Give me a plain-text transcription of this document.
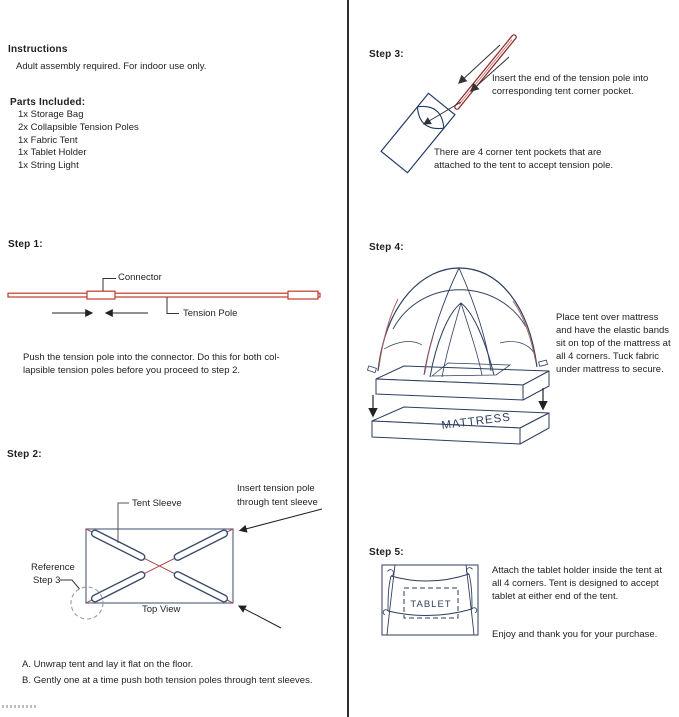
Instructions
Adult assembly required. For indoor use only.
Parts Included:
1x Storage Bag
2x Collapsible Tension Poles
1x Fabric Tent
1x Tablet Holder
1x String Light
Step 1:
Connector
Tension Pole
Push the tension pole into the connector. Do this for both col-
lapsible tension poles before you proceed to step 2.
Step 2:
Tent Sleeve
Insert tension pole
through tent sleeve
Reference
Step 3
Top View
A. Unwrap tent and lay it flat on the floor.
B. Gently one at a time push both tension poles through tent sleeves.
Step 3:
Insert the end of the tension pole into
corresponding tent corner pocket.
There are 4 corner tent pockets that are
attached to the tent to accept tension pole.
Step 4:
MATTRESS
Place tent over mattress
and have the elastic bands
sit on top of the mattress at
all 4 corners. Tuck fabric
under mattress to secure.
Step 5:
TABLET
Attach the tablet holder inside the tent at
all 4 corners. Tent is designed to accept
tablet at either end of the tent.
Enjoy and thank you for your purchase.
